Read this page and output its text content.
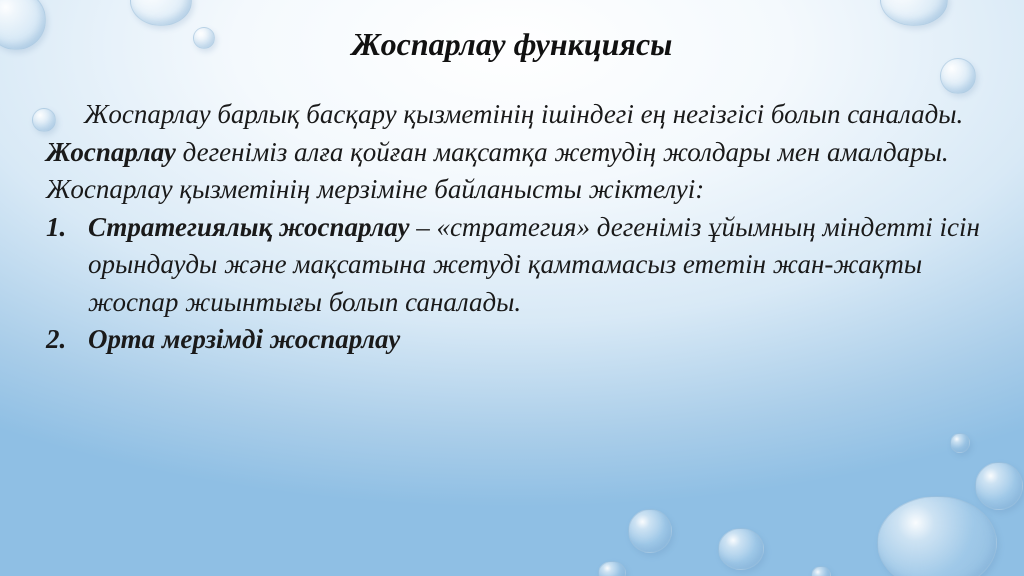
Жоспарлау функциясы

Жоспарлау барлық басқару қызметінің ішіндегі ең негізгісі болып саналады. Жоспарлау дегеніміз алға қойған мақсатқа жетудің жолдары мен амалдары. Жоспарлау қызметінің мерзіміне байланысты жіктелуі:

1. Стратегиялық жоспарлау – «стратегия» дегеніміз ұйымның міндетті ісін орындауды және мақсатына жетуді қамтамасыз ететін жан-жақты жоспар жиынтығы болып саналады.
2. Орта мерзімді жоспарлау
